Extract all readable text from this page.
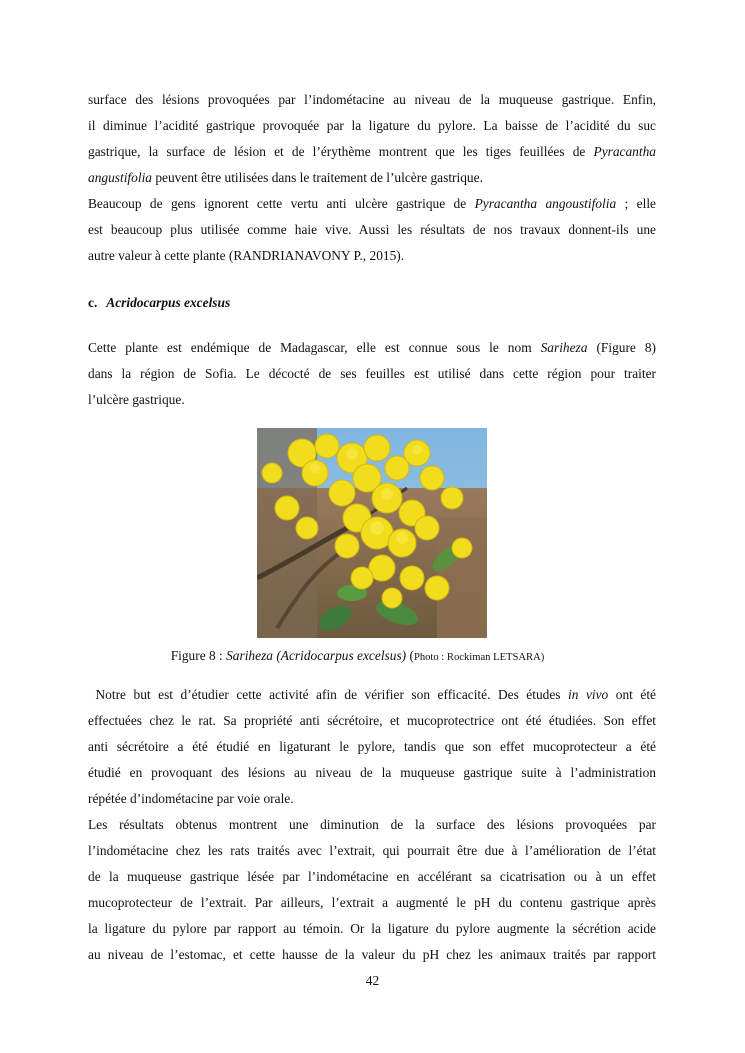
surface des lésions provoquées par l’indométacine au niveau de la muqueuse gastrique. Enfin,
il diminue l’acidité gastrique provoquée par la ligature du pylore. La baisse de l’acidité du suc
gastrique, la surface de lésion et de l’érythème montrent que les tiges feuillées de Pyracantha
angustifolia peuvent être utilisées dans le traitement de l’ulcère gastrique.
Beaucoup de gens ignorent cette vertu anti ulcère gastrique de Pyracantha angoustifolia ; elle
est beaucoup plus utilisée comme haie vive. Aussi les résultats de nos travaux donnent-ils une
autre valeur à cette plante (RANDRIANAVONY P., 2015).
c. Acridocarpus excelsus
Cette plante est endémique de Madagascar, elle est connue sous le nom Sariheza (Figure 8)
dans la région de Sofia. Le décocté de ses feuilles est utilisé dans cette région pour traiter
l’ulcère gastrique.
Figure 8 : Sariheza (Acridocarpus excelsus) (Photo : Rockiman LETSARA)
Notre but est d’étudier cette activité afin de vérifier son efficacité. Des études in vivo ont été
effectuées chez le rat. Sa propriété anti sécrétoire, et mucoprotectrice ont été étudiées. Son effet
anti sécrétoire a été étudié en ligaturant le pylore, tandis que son effet mucoprotecteur a été
étudié en provoquant des lésions au niveau de la muqueuse gastrique suite à l’administration
répétée d’indométacine par voie orale.
Les résultats obtenus montrent une diminution de la surface des lésions provoquées par
l’indométacine chez les rats traités avec l’extrait, qui pourrait être due à l’amélioration de l’état
de la muqueuse gastrique lésée par l’indométacine en accélérant sa cicatrisation ou à un effet
mucoprotecteur de l’extrait. Par ailleurs, l’extrait a augmenté le pH du contenu gastrique après
la ligature du pylore par rapport au témoin. Or la ligature du pylore augmente la sécrétion acide
au niveau de l’estomac, et cette hausse de la valeur du pH chez les animaux traités par rapport
42
